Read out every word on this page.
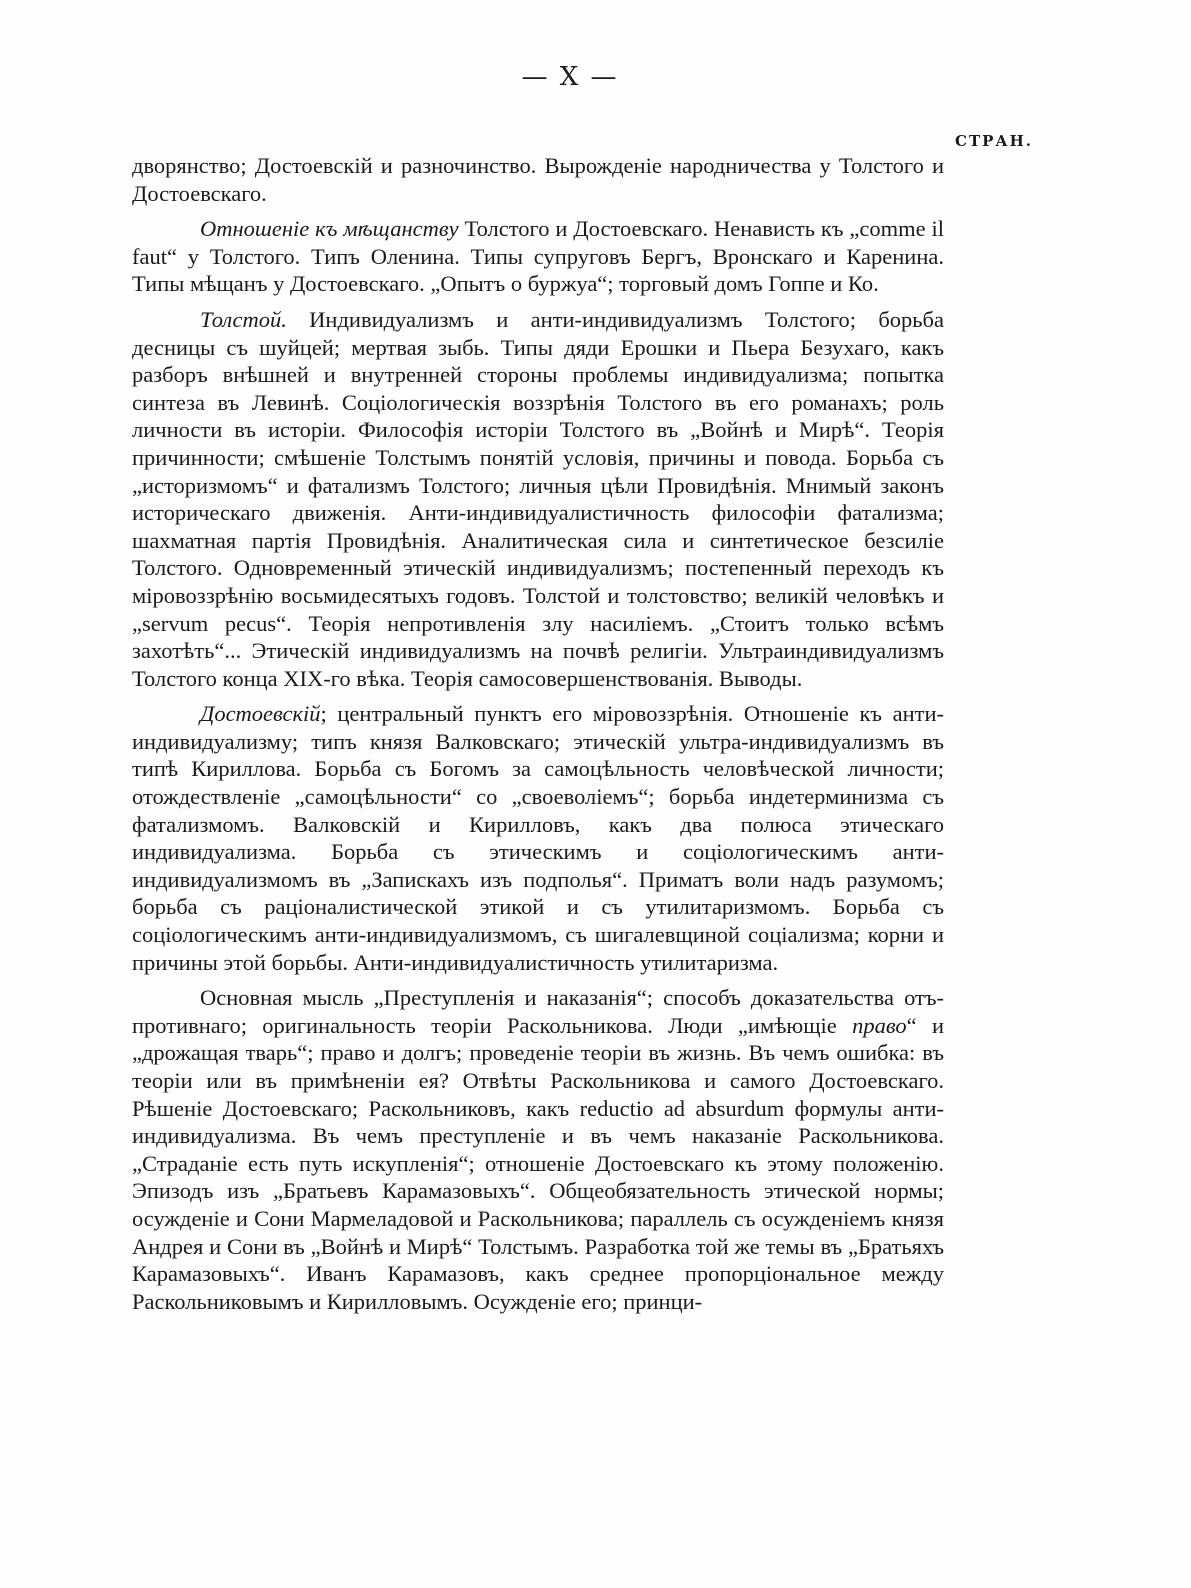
— X —
СТРАН.

дворянство; Достоевскій и разночинство. Вырожденіе народничества у Толстого и Достоевскаго.

Отношеніе къ мѣщанству Толстого и Достоевскаго. Ненависть къ „comme il faut“ у Толстого. Типъ Оленина. Типы супруговъ Бергъ, Вронскаго и Каренина. Типы мѣщанъ у Достоевскаго. „Опытъ о буржуа“; торговый домъ Гоппе и Ко.

Толстой. Индивидуализмъ и анти-индивидуализмъ Толстого; борьба десницы съ шуйцей; мертвая зыбь. Типы дяди Ерошки и Пьера Безухаго, какъ разборъ внѣшней и внутренней стороны проблемы индивидуализма; попытка синтеза въ Левинѣ. Соціологическія воззрѣнія Толстого въ его романахъ; роль личности въ исторіи. Философія исторіи Толстого въ „Войнѣ и Мирѣ“. Теорія причинности; смѣшеніе Толстымъ понятій условія, причины и повода. Борьба съ „историзмомъ“ и фатализмъ Толстого; личныя цѣли Провидѣнія. Мнимый законъ историческаго движенія. Анти-индивидуалистичность философіи фатализма; шахматная партія Провидѣнія. Аналитическая сила и синтетическое безсиліе Толстого. Одновременный этическій индивидуализмъ; постепенный переходъ къ міровоззрѣнію восьмидесятыхъ годовъ. Толстой и толстовство; великій человѣкъ и „servum pecus“. Теорія непротивленія злу насиліемъ. „Стоитъ только всѣмъ захотѣть“... Этическій индивидуализмъ на почвѣ религіи. Ультраиндивидуализмъ Толстого конца XIX-го вѣка. Теорія самосовершенствованія. Выводы.

Достоевскій; центральный пунктъ его міровоззрѣнія. Отношеніе къ анти-индивидуализму; типъ князя Валковскаго; этическій ультра-индивидуализмъ въ типѣ Кириллова. Борьба съ Богомъ за самоцѣльность человѣческой личности; отождествленіе „самоцѣльности“ со „своеволіемъ“; борьба индетерминизма съ фатализмомъ. Валковскій и Кирилловъ, какъ два полюса этическаго индивидуализма. Борьба съ этическимъ и соціологическимъ анти-индивидуализмомъ въ „Запискахъ изъ подполья“. Приматъ воли надъ разумомъ; борьба съ раціоналистической этикой и съ утилитаризмомъ. Борьба съ соціологическимъ анти-индивидуализмомъ, съ шигалевщиной соціализма; корни и причины этой борьбы. Анти-индивидуалистичность утилитаризма.

Основная мысль „Преступленія и наказанія“; способъ доказательства отъ-противнаго; оригинальность теоріи Раскольникова. Люди „имѣющіе право“ и „дрожащая тварь“; право и долгъ; проведеніе теоріи въ жизнь. Въ чемъ ошибка: въ теоріи или въ примѣненіи ея? Отвѣты Раскольникова и самого Достоевскаго. Рѣшеніе Достоевскаго; Раскольниковъ, какъ reductio ad absurdum формулы анти-индивидуализма. Въ чемъ преступленіе и въ чемъ наказаніе Раскольникова. „Страданіе есть путь искупленія“; отношеніе Достоевскаго къ этому положенію. Эпизодъ изъ „Братьевъ Карамазовыхъ“. Общеобязательность этической нормы; осужденіе и Сони Мармеладовой и Раскольникова; параллель съ осужденіемъ князя Андрея и Сони въ „Войнѣ и Мирѣ“ Толстымъ. Разработка той же темы въ „Братьяхъ Карамазовыхъ“. Иванъ Карамазовъ, какъ среднее пропорціональное между Раскольниковымъ и Кирилловымъ. Осужденіе его; принци-
